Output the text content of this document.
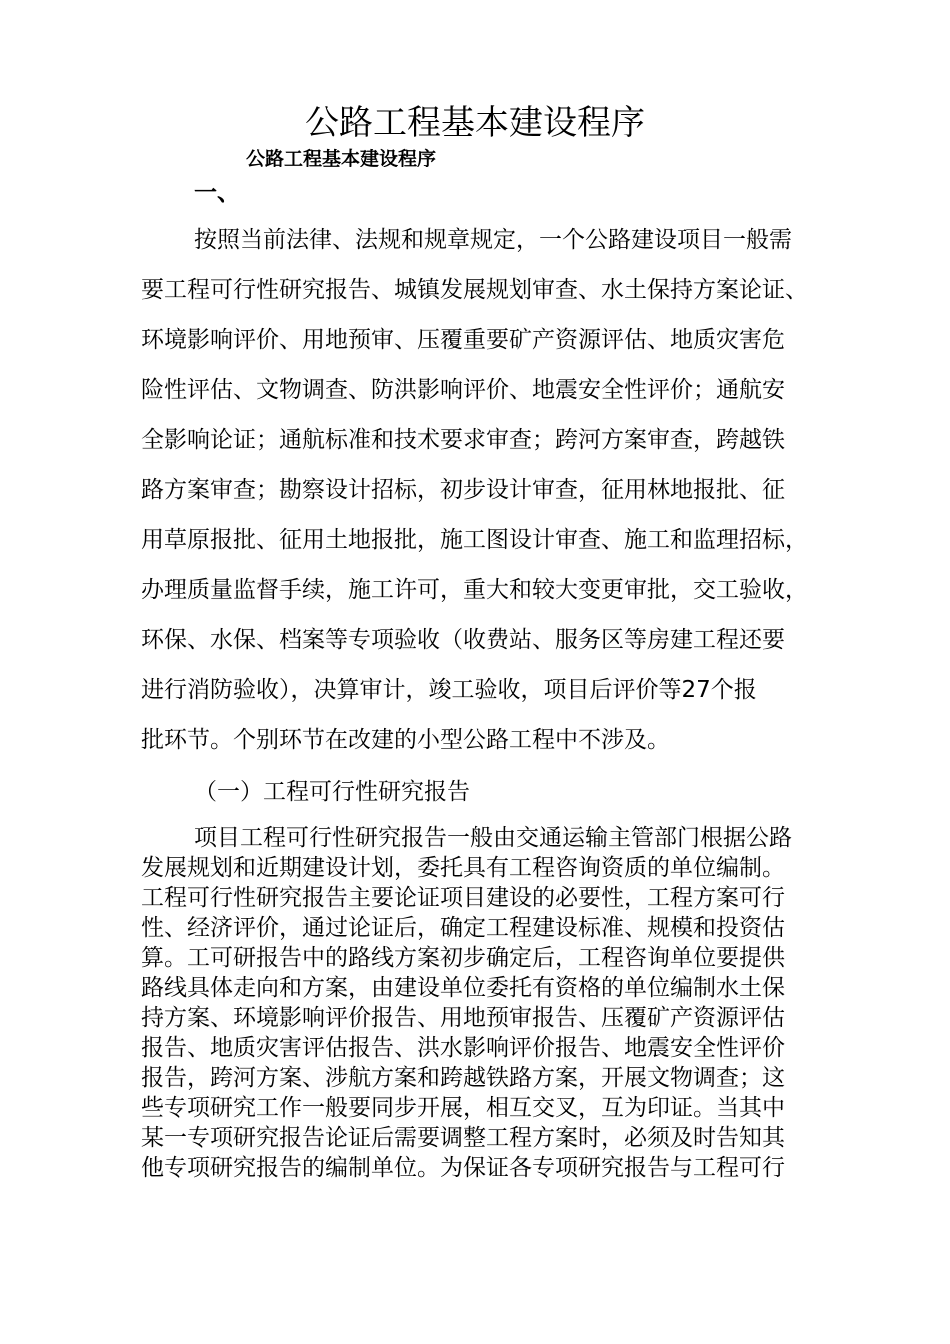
公路工程基本建设程序
公路工程基本建设程序
一、
按照当前法律、法规和规章规定，一个公路建设项目一般需
要工程可行性研究报告、城镇发展规划审查、水土保持方案论证、
环境影响评价、用地预审、压覆重要矿产资源评估、地质灾害危
险性评估、文物调查、防洪影响评价、地震安全性评价；通航安
全影响论证；通航标准和技术要求审查；跨河方案审查，跨越铁
路方案审查；勘察设计招标，初步设计审查，征用林地报批、征
用草原报批、征用土地报批，施工图设计审查、施工和监理招标，
办理质量监督手续，施工许可，重大和较大变更审批，交工验收，
环保、水保、档案等专项验收（收费站、服务区等房建工程还要
进行消防验收），决算审计，竣工验收，项目后评价等27个报
批环节。个别环节在改建的小型公路工程中不涉及。
（一）工程可行性研究报告
项目工程可行性研究报告一般由交通运输主管部门根据公路
发展规划和近期建设计划，委托具有工程咨询资质的单位编制。
工程可行性研究报告主要论证项目建设的必要性，工程方案可行
性、经济评价，通过论证后，确定工程建设标准、规模和投资估
算。工可研报告中的路线方案初步确定后，工程咨询单位要提供
路线具体走向和方案，由建设单位委托有资格的单位编制水土保
持方案、环境影响评价报告、用地预审报告、压覆矿产资源评估
报告、地质灾害评估报告、洪水影响评价报告、地震安全性评价
报告，跨河方案、涉航方案和跨越铁路方案，开展文物调查；这
些专项研究工作一般要同步开展，相互交叉，互为印证。当其中
某一专项研究报告论证后需要调整工程方案时，必须及时告知其
他专项研究报告的编制单位。为保证各专项研究报告与工程可行
